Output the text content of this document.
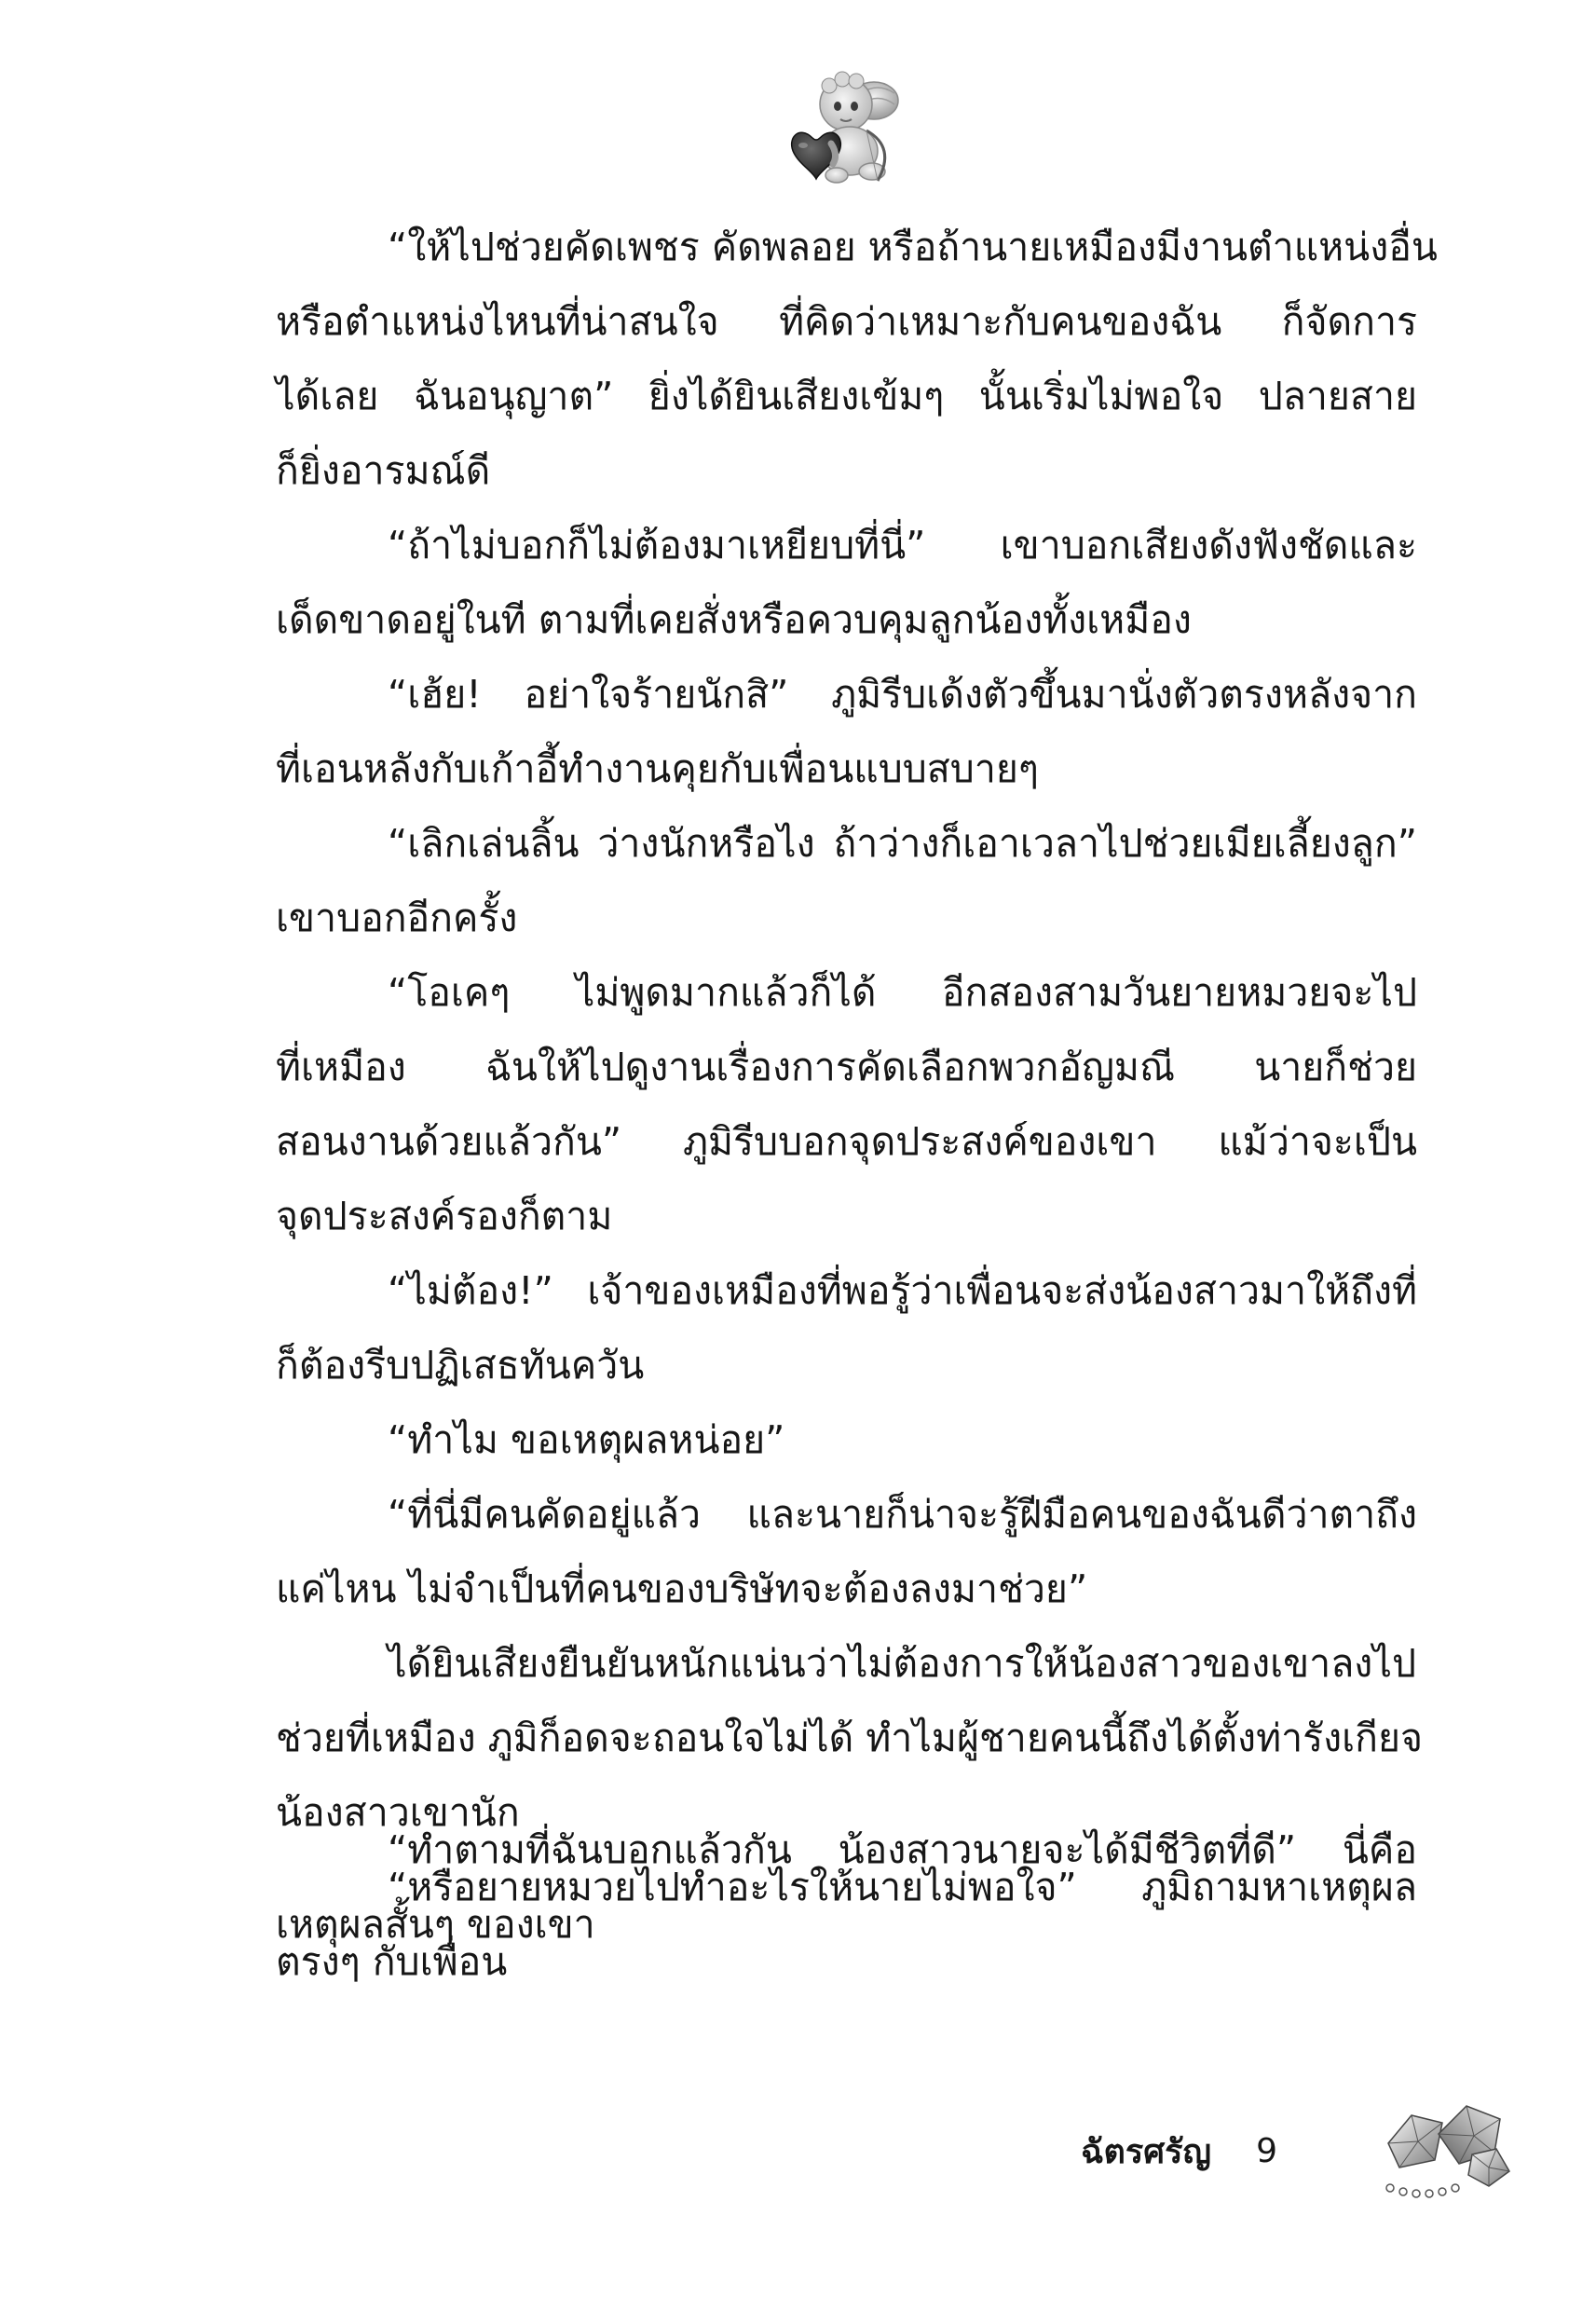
“ให้ไปช่วยคัดเพชร คัดพลอย หรือถ้านายเหมืองมีงานตำแหน่งอื่น
หรือตำแหน่งไหนที่น่าสนใจ ที่คิดว่าเหมาะกับคนของฉัน ก็จัดการ
ได้เลย ฉันอนุญาต” ยิ่งได้ยินเสียงเข้มๆ นั้นเริ่มไม่พอใจ ปลายสาย
ก็ยิ่งอารมณ์ดี
“ถ้าไม่บอกก็ไม่ต้องมาเหยียบที่นี่” เขาบอกเสียงดังฟังชัดและ
เด็ดขาดอยู่ในที ตามที่เคยสั่งหรือควบคุมลูกน้องทั้งเหมือง
“เฮ้ย! อย่าใจร้ายนักสิ” ภูมิรีบเด้งตัวขึ้นมานั่งตัวตรงหลังจาก
ที่เอนหลังกับเก้าอี้ทำงานคุยกับเพื่อนแบบสบายๆ
“เลิกเล่นลิ้น ว่างนักหรือไง ถ้าว่างก็เอาเวลาไปช่วยเมียเลี้ยงลูก”
เขาบอกอีกครั้ง
“โอเคๆ ไม่พูดมากแล้วก็ได้ อีกสองสามวันยายหมวยจะไป
ที่เหมือง ฉันให้ไปดูงานเรื่องการคัดเลือกพวกอัญมณี นายก็ช่วย
สอนงานด้วยแล้วกัน” ภูมิรีบบอกจุดประสงค์ของเขา แม้ว่าจะเป็น
จุดประสงค์รองก็ตาม
“ไม่ต้อง!” เจ้าของเหมืองที่พอรู้ว่าเพื่อนจะส่งน้องสาวมาให้ถึงที่
ก็ต้องรีบปฏิเสธทันควัน
“ทำไม ขอเหตุผลหน่อย”
“ที่นี่มีคนคัดอยู่แล้ว และนายก็น่าจะรู้ฝีมือคนของฉันดีว่าตาถึง
แค่ไหน ไม่จำเป็นที่คนของบริษัทจะต้องลงมาช่วย”
ได้ยินเสียงยืนยันหนักแน่นว่าไม่ต้องการให้น้องสาวของเขาลงไป
ช่วยที่เหมือง ภูมิก็อดจะถอนใจไม่ได้ ทำไมผู้ชายคนนี้ถึงได้ตั้งท่ารังเกียจ
น้องสาวเขานัก
“หรือยายหมวยไปทำอะไรให้นายไม่พอใจ” ภูมิถามหาเหตุผล
ตรงๆ กับเพื่อน
“ทำตามที่ฉันบอกแล้วกัน น้องสาวนายจะได้มีชีวิตที่ดี” นี่คือ
เหตุผลสั้นๆ ของเขา
ฉัตรศรัญ 9
